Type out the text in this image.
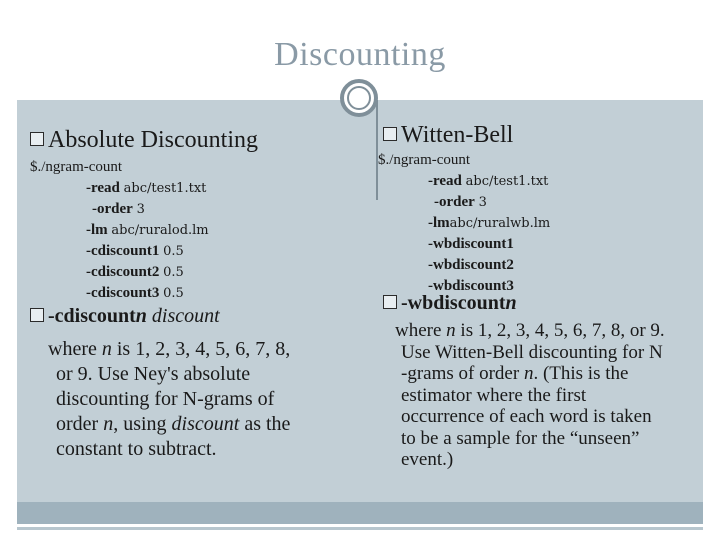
Discounting
Absolute Discounting
$./ngram-count
-read abc/test1.txt
-order 3
-lm abc/ruralod.lm
-cdiscount1 0.5
-cdiscount2 0.5
-cdiscount3 0.5
-cdiscountn discount
where n is 1, 2, 3, 4, 5, 6, 7, 8,
or 9. Use Ney's absolute
discounting for N-grams of
order n, using discount as the
constant to subtract.
Witten-Bell
$./ngram-count
-read abc/test1.txt
-order 3
-lmabc/ruralwb.lm
-wbdiscount1
-wbdiscount2
-wbdiscount3
-wbdiscountn
where n is 1, 2, 3, 4, 5, 6, 7, 8, or 9.
Use Witten-Bell discounting for N
-grams of order n. (This is the
estimator where the first
occurrence of each word is taken
to be a sample for the “unseen”
event.)
